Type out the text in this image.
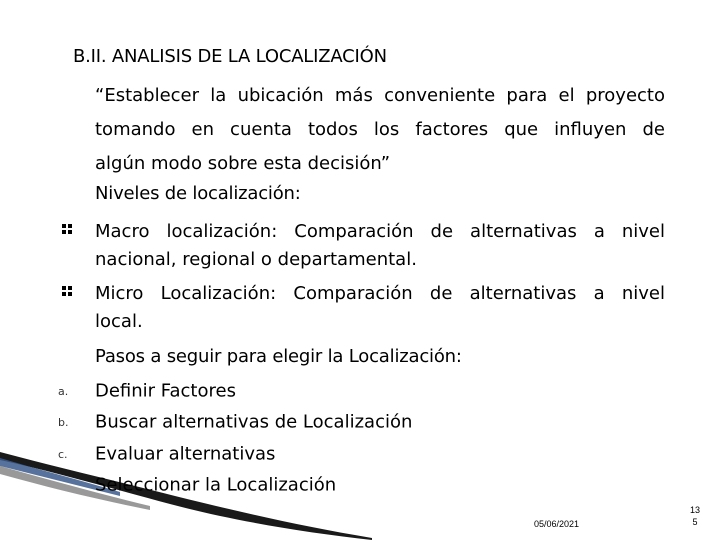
B.II. ANALISIS DE LA LOCALIZACIÓN
“Establecer la ubicación más conveniente para el proyecto
tomando en cuenta todos los factores que influyen de
algún modo sobre esta decisión”
Niveles de localización:
Macro localización: Comparación de alternativas a nivel
nacional, regional o departamental.
Micro Localización: Comparación de alternativas a nivel
local.
Pasos a seguir para elegir la Localización:
a. Definir Factores
b. Buscar alternativas de Localización
c. Evaluar alternativas
Seleccionar la Localización
05/06/2021
13
5
